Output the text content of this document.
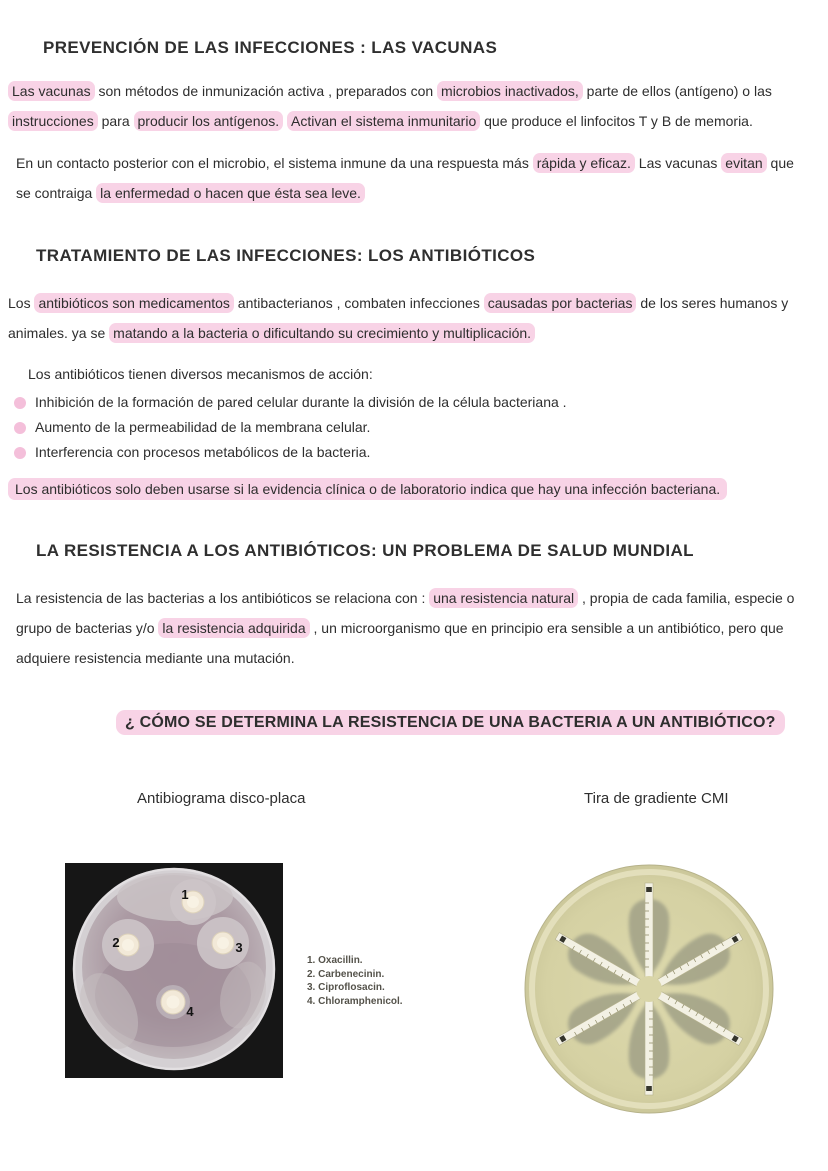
PREVENCIÓN DE LAS INFECCIONES : LAS VACUNAS

Las vacunas son métodos de inmunización activa , preparados con microbios inactivados, parte de ellos (antígeno) o las instrucciones para producir los antígenos. Activan el sistema inmunitario que produce el linfocitos T y B de memoria.

En un contacto posterior con el microbio, el sistema inmune da una respuesta más rápida y eficaz. Las vacunas evitan que se contraiga la enfermedad o hacen que ésta sea leve.

TRATAMIENTO DE LAS INFECCIONES: LOS ANTIBIÓTICOS

Los antibióticos son medicamentos antibacterianos , combaten infecciones causadas por bacterias de los seres humanos y animales. ya se matando a la bacteria o dificultando su crecimiento y multiplicación.

Los antibióticos tienen diversos mecanismos de acción:

Inhibición de la formación de pared celular durante la división de la célula bacteriana .
Aumento de la permeabilidad de la membrana celular.
Interferencia con procesos metabólicos de la bacteria.
Los antibióticos solo deben usarse si la evidencia clínica o de laboratorio indica que hay una infección bacteriana.
LA RESISTENCIA A LOS ANTIBIÓTICOS: UN PROBLEMA DE SALUD MUNDIAL

La resistencia de las bacterias a los antibióticos se relaciona con : una resistencia natural , propia de cada familia, especie o grupo de bacterias y/o la resistencia adquirida , un microorganismo que en principio era sensible a un antibiótico, pero que adquiere resistencia mediante una mutación.

¿ CÓMO SE DETERMINA LA RESISTENCIA DE UNA BACTERIA A UN ANTIBIÓTICO?
Antibiograma disco-placa	Tira de gradiente CMI
1
2	3
4
1. Oxacillin.
2. Carbenecinin.
3. Ciproflosacin.
4. Chloramphenicol.
